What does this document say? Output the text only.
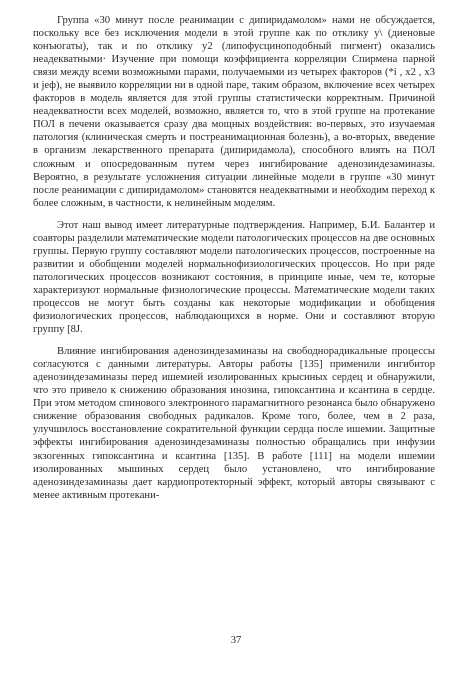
Группа «30 минут после реанимации с дипиридамолом» нами не обсуждается, поскольку все без исключения модели в этой группе как по отклику у\ (диеновые конъюгаты), так и по отклику у2 (липофусциноподобный пигмент) оказались неадекватными· Изучение при помощи коэффициента корреляции Спирмена парной связи между всеми возможными парами, получаемыми из четырех факторов (*i , х2 , х3 и jeф), не выявило корреляции ни в одной паре, таким образом, включение всех четырех факторов в модель является для этой группы статистически корректным. Причиной неадекватности всех моделей, возможно, является то, что в этой группе на протекание ПОЛ в печени оказывается сразу два мощных воздействия: во-первых, это изучаемая патология (клиническая смерть и постреанимационная болезнь), а во-вторых, введение в организм лекарственного препарата (дипиридамола), способного влиять на ПОЛ сложным и опосредованным путем через ингибирование аденозиндезаминазы. Вероятно, в результате усложнения ситуации линейные модели в группе «30 минут после реанимации с дипиридамолом» становятся неадекватными и необходим переход к более сложным, в частности, к нелинейным моделям.

Этот наш вывод имеет литературные подтверждения. Например, Б.И. Балантер и соавторы разделили математические модели патологических процессов на две основных группы. Первую группу составляют модели патологических процессов, построенные на развитии и обобщении моделей нормальнофизиологических процессов. Но при ряде патологических процессов возникают состояния, в принципе иные, чем те, которые характеризуют нормальные физиологические процессы. Математические модели таких процессов не могут быть созданы как некоторые модификации и обобщения физиологических процессов, наблюдающихся в норме. Они и составляют вторую группу [8J.

Влияние ингибирования аденозиндезаминазы на свободнорадикальные процессы согласуются с данными литературы. Авторы работы [135] применили ингибитор аденозиндезаминазы перед ишемией изолированных крысиных сердец и обнаружили, что это привело к снижению образования инозина, гипоксантина и ксантина в сердце. При этом методом спинового электронного парамагнитного резонанса было обнаружено снижение образования свободных радикалов. Кроме того, более, чем в 2 раза, улучшилось восстановление сократительной функции сердца после ишемии. Защитные эффекты ингибирования аденозиндезаминазы полностью обращались при инфузии экзогенных гипоксантина и ксантина [135]. В работе [111] на модели ишемии изолированных мышиных сердец было установлено, что ингибирование аденозиндезаминазы дает кардиопротекторный эффект, который авторы связывают с менее активным протекани-

37
